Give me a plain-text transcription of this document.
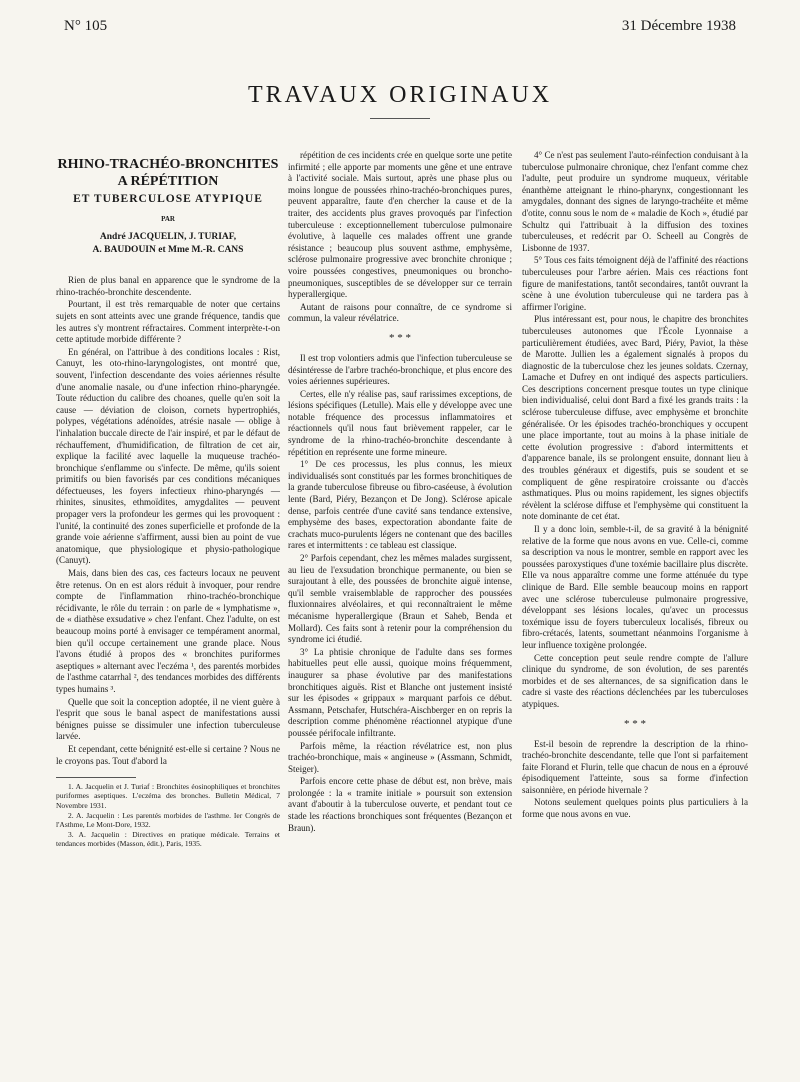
N° 105	31 Décembre 1938
TRAVAUX ORIGINAUX
RHINO-TRACHÉO-BRONCHITES A RÉPÉTITION
ET TUBERCULOSE ATYPIQUE
PAR
André JACQUELIN, J. TURIAF,
A. BAUDOUIN et Mme M.-R. CANS

Rien de plus banal en apparence que le syndrome de la rhino-trachéo-bronchite descendente.

Pourtant, il est très remarquable de noter que certains sujets en sont atteints avec une grande fréquence, tandis que les autres s'y montrent réfractaires. Comment interprète-t-on cette aptitude morbide différente ?

En général, on l'attribue à des conditions locales : Rist, Canuyt, les oto-rhino-laryngologistes, ont montré que, souvent, l'infection descendante des voies aériennes résulte d'une anomalie nasale, ou d'une infection rhino-pharyngée. Toute réduction du calibre des choanes, quelle qu'en soit la cause — déviation de cloison, cornets hypertrophiés, polypes, végétations adénoïdes, atrésie nasale — oblige à l'inhalation buccale directe de l'air inspiré, et par le défaut de réchauffement, d'humidification, de filtration de cet air, explique la facilité avec laquelle la muqueuse trachéo-bronchique s'enflamme ou s'infecte. De même, qu'ils soient primitifs ou bien favorisés par ces conditions mécaniques défectueuses, les foyers infectieux rhino-pharyngés — rhinites, sinusites, ethmoïdites, amygdalites — peuvent propager vers la profondeur les germes qui les provoquent : l'unité, la continuité des zones superficielle et profonde de la grande voie aérienne s'affirment, aussi bien au point de vue anatomique, que physiologique et physio-pathologique (Canuyt).

Mais, dans bien des cas, ces facteurs locaux ne peuvent être retenus. On en est alors réduit à invoquer, pour rendre compte de l'inflammation rhino-trachéo-bronchique récidivante, le rôle du terrain : on parle de « lymphatisme », de « diathèse exsudative » chez l'enfant. Chez l'adulte, on est beaucoup moins porté à envisager ce tempérament anormal, bien qu'il occupe certainement une grande place. Nous l'avons étudié à propos des « bronchites puriformes aseptiques » alternant avec l'eczéma ¹, des parentés morbides de l'asthme catarrhal ², des tendances morbides des différents types humains ³.

Quelle que soit la conception adoptée, il ne vient guère à l'esprit que sous le banal aspect de manifestations aussi bénignes puisse se dissimuler une infection tuberculeuse larvée.

Et cependant, cette bénignité est-elle si certaine ? Nous ne le croyons pas. Tout d'abord la

1. A. Jacquelin et J. Turiaf : Bronchites éosinophiliques et bronchites puriformes aseptiques. L'eczéma des bronches. Bulletin Médical, 7 Novembre 1931.

2. A. Jacquelin : Les parentés morbides de l'asthme. Ier Congrès de l'Asthme, Le Mont-Dore, 1932.

3. A. Jacquelin : Directives en pratique médicale. Terrains et tendances morbides (Masson, édit.), Paris, 1935.

répétition de ces incidents crée en quelque sorte une petite infirmité ; elle apporte par moments une gêne et une entrave à l'activité sociale. Mais surtout, après une phase plus ou moins longue de poussées rhino-trachéo-bronchiques pures, peuvent apparaître, faute d'en chercher la cause et de la traiter, des accidents plus graves provoqués par l'infection tuberculeuse : exceptionnellement tuberculose pulmonaire évolutive, à laquelle ces malades offrent une grande résistance ; beaucoup plus souvent asthme, emphysème, sclérose pulmonaire progressive avec bronchite chronique ; voire poussées congestives, pneumoniques ou broncho-pneumoniques, susceptibles de se développer sur ce terrain hyperallergique.

Autant de raisons pour connaître, de ce syndrome si commun, la valeur révélatrice.

* * *

Il est trop volontiers admis que l'infection tuberculeuse se désintéresse de l'arbre trachéo-bronchique, et plus encore des voies aériennes supérieures.

Certes, elle n'y réalise pas, sauf rarissimes exceptions, de lésions spécifiques (Letulle). Mais elle y développe avec une notable fréquence des processus inflammatoires et réactionnels qu'il nous faut brièvement rappeler, car le syndrome de la rhino-trachéo-bronchite descendante à répétition en représente une forme mineure.

1° De ces processus, les plus connus, les mieux individualisés sont constitués par les formes bronchitiques de la grande tuberculose fibreuse ou fibro-caséeuse, à évolution lente (Bard, Piéry, Bezançon et De Jong). Sclérose apicale dense, parfois centrée d'une cavité sans tendance extensive, emphysème des bases, expectoration abondante faite de crachats muco-purulents légers ne contenant que des bacilles rares et intermittents : ce tableau est classique.

2° Parfois cependant, chez les mêmes malades surgissent, au lieu de l'exsudation bronchique permanente, ou bien se surajoutant à elle, des poussées de bronchite aiguë intense, qu'il semble vraisemblable de rapprocher des poussées fluxionnaires alvéolaires, et qui reconnaîtraient le même mécanisme hyperallergique (Braun et Saheb, Benda et Mollard). Ces faits sont à retenir pour la compréhension du syndrome ici étudié.

3° La phtisie chronique de l'adulte dans ses formes habituelles peut elle aussi, quoique moins fréquemment, inaugurer sa phase évolutive par des manifestations bronchitiques aiguës. Rist et Blanche ont justement insisté sur les épisodes « grippaux » marquant parfois ce début. Assmann, Petschafer, Hutschéra-Aischberger en on repris la description comme phénomène réactionnel atypique d'une poussée périfocale infiltrante.

Parfois même, la réaction révélatrice est, non plus trachéo-bronchique, mais « angineuse » (Assmann, Schmidt, Steiger).

Parfois encore cette phase de début est, non brève, mais prolongée : la « tramite initiale » poursuit son extension avant d'aboutir à la tuberculose ouverte, et pendant tout ce stade les réactions bronchiques sont fréquentes (Bezançon et Braun).

4° Ce n'est pas seulement l'auto-réinfection conduisant à la tuberculose pulmonaire chronique, chez l'enfant comme chez l'adulte, peut produire un syndrome muqueux, véritable énanthème atteignant le rhino-pharynx, congestionnant les amygdales, donnant des signes de laryngo-trachéite et même d'otite, connu sous le nom de « maladie de Koch », étudié par Schultz qui l'attribuait à la diffusion des toxines tuberculeuses, et redécrit par O. Scheell au Congrès de Lisbonne de 1937.

5° Tous ces faits témoignent déjà de l'affinité des réactions tuberculeuses pour l'arbre aérien. Mais ces réactions font figure de manifestations, tantôt secondaires, tantôt ouvrant la scène à une évolution tuberculeuse qui ne tardera pas à affirmer l'origine.

Plus intéressant est, pour nous, le chapitre des bronchites tuberculeuses autonomes que l'École Lyonnaise a particulièrement étudiées, avec Bard, Piéry, Paviot, la thèse de Marotte. Jullien les a également signalés à propos du diagnostic de la tuberculose chez les jeunes soldats. Czernay, Lamache et Dufrey en ont indiqué des aspects particuliers. Ces descriptions concernent presque toutes un type clinique bien individualisé, celui dont Bard a fixé les grands traits : la sclérose tuberculeuse diffuse, avec emphysème et bronchite généralisée. Or les épisodes trachéo-bronchiques y occupent une place importante, tout au moins à la phase initiale de cette évolution progressive : d'abord intermittents et d'apparence banale, ils se prolongent ensuite, donnant lieu à des troubles généraux et digestifs, puis se soudent et se compliquent de gêne respiratoire croissante ou d'accès asthmatiques. Plus ou moins rapidement, les signes objectifs révèlent la sclérose diffuse et l'emphysème qui constituent la note dominante de cet état.

Il y a donc loin, semble-t-il, de sa gravité à la bénignité relative de la forme que nous avons en vue. Celle-ci, comme sa description va nous le montrer, semble en rapport avec les poussées paroxystiques d'une toxémie bacillaire plus discrète. Elle va nous apparaître comme une forme atténuée du type clinique de Bard. Elle semble beaucoup moins en rapport avec une sclérose tuberculeuse pulmonaire progressive, développant ses lésions locales, qu'avec un processus toxémique issu de foyers tuberculeux localisés, fibreux ou fibro-crétacés, latents, soumettant néanmoins l'organisme à leur influence toxigène prolongée.

Cette conception peut seule rendre compte de l'allure clinique du syndrome, de son évolution, de ses parentés morbides et de ses alternances, de sa signification dans le cadre si vaste des réactions déclenchées par les tuberculoses atypiques.

* * *

Est-il besoin de reprendre la description de la rhino-trachéo-bronchite descendante, telle que l'ont si parfaitement faite Florand et Flurin, telle que chacun de nous en a éprouvé épisodiquement l'atteinte, sous sa forme d'infection saisonnière, en période hivernale ?

Notons seulement quelques points plus particuliers à la forme que nous avons en vue.
